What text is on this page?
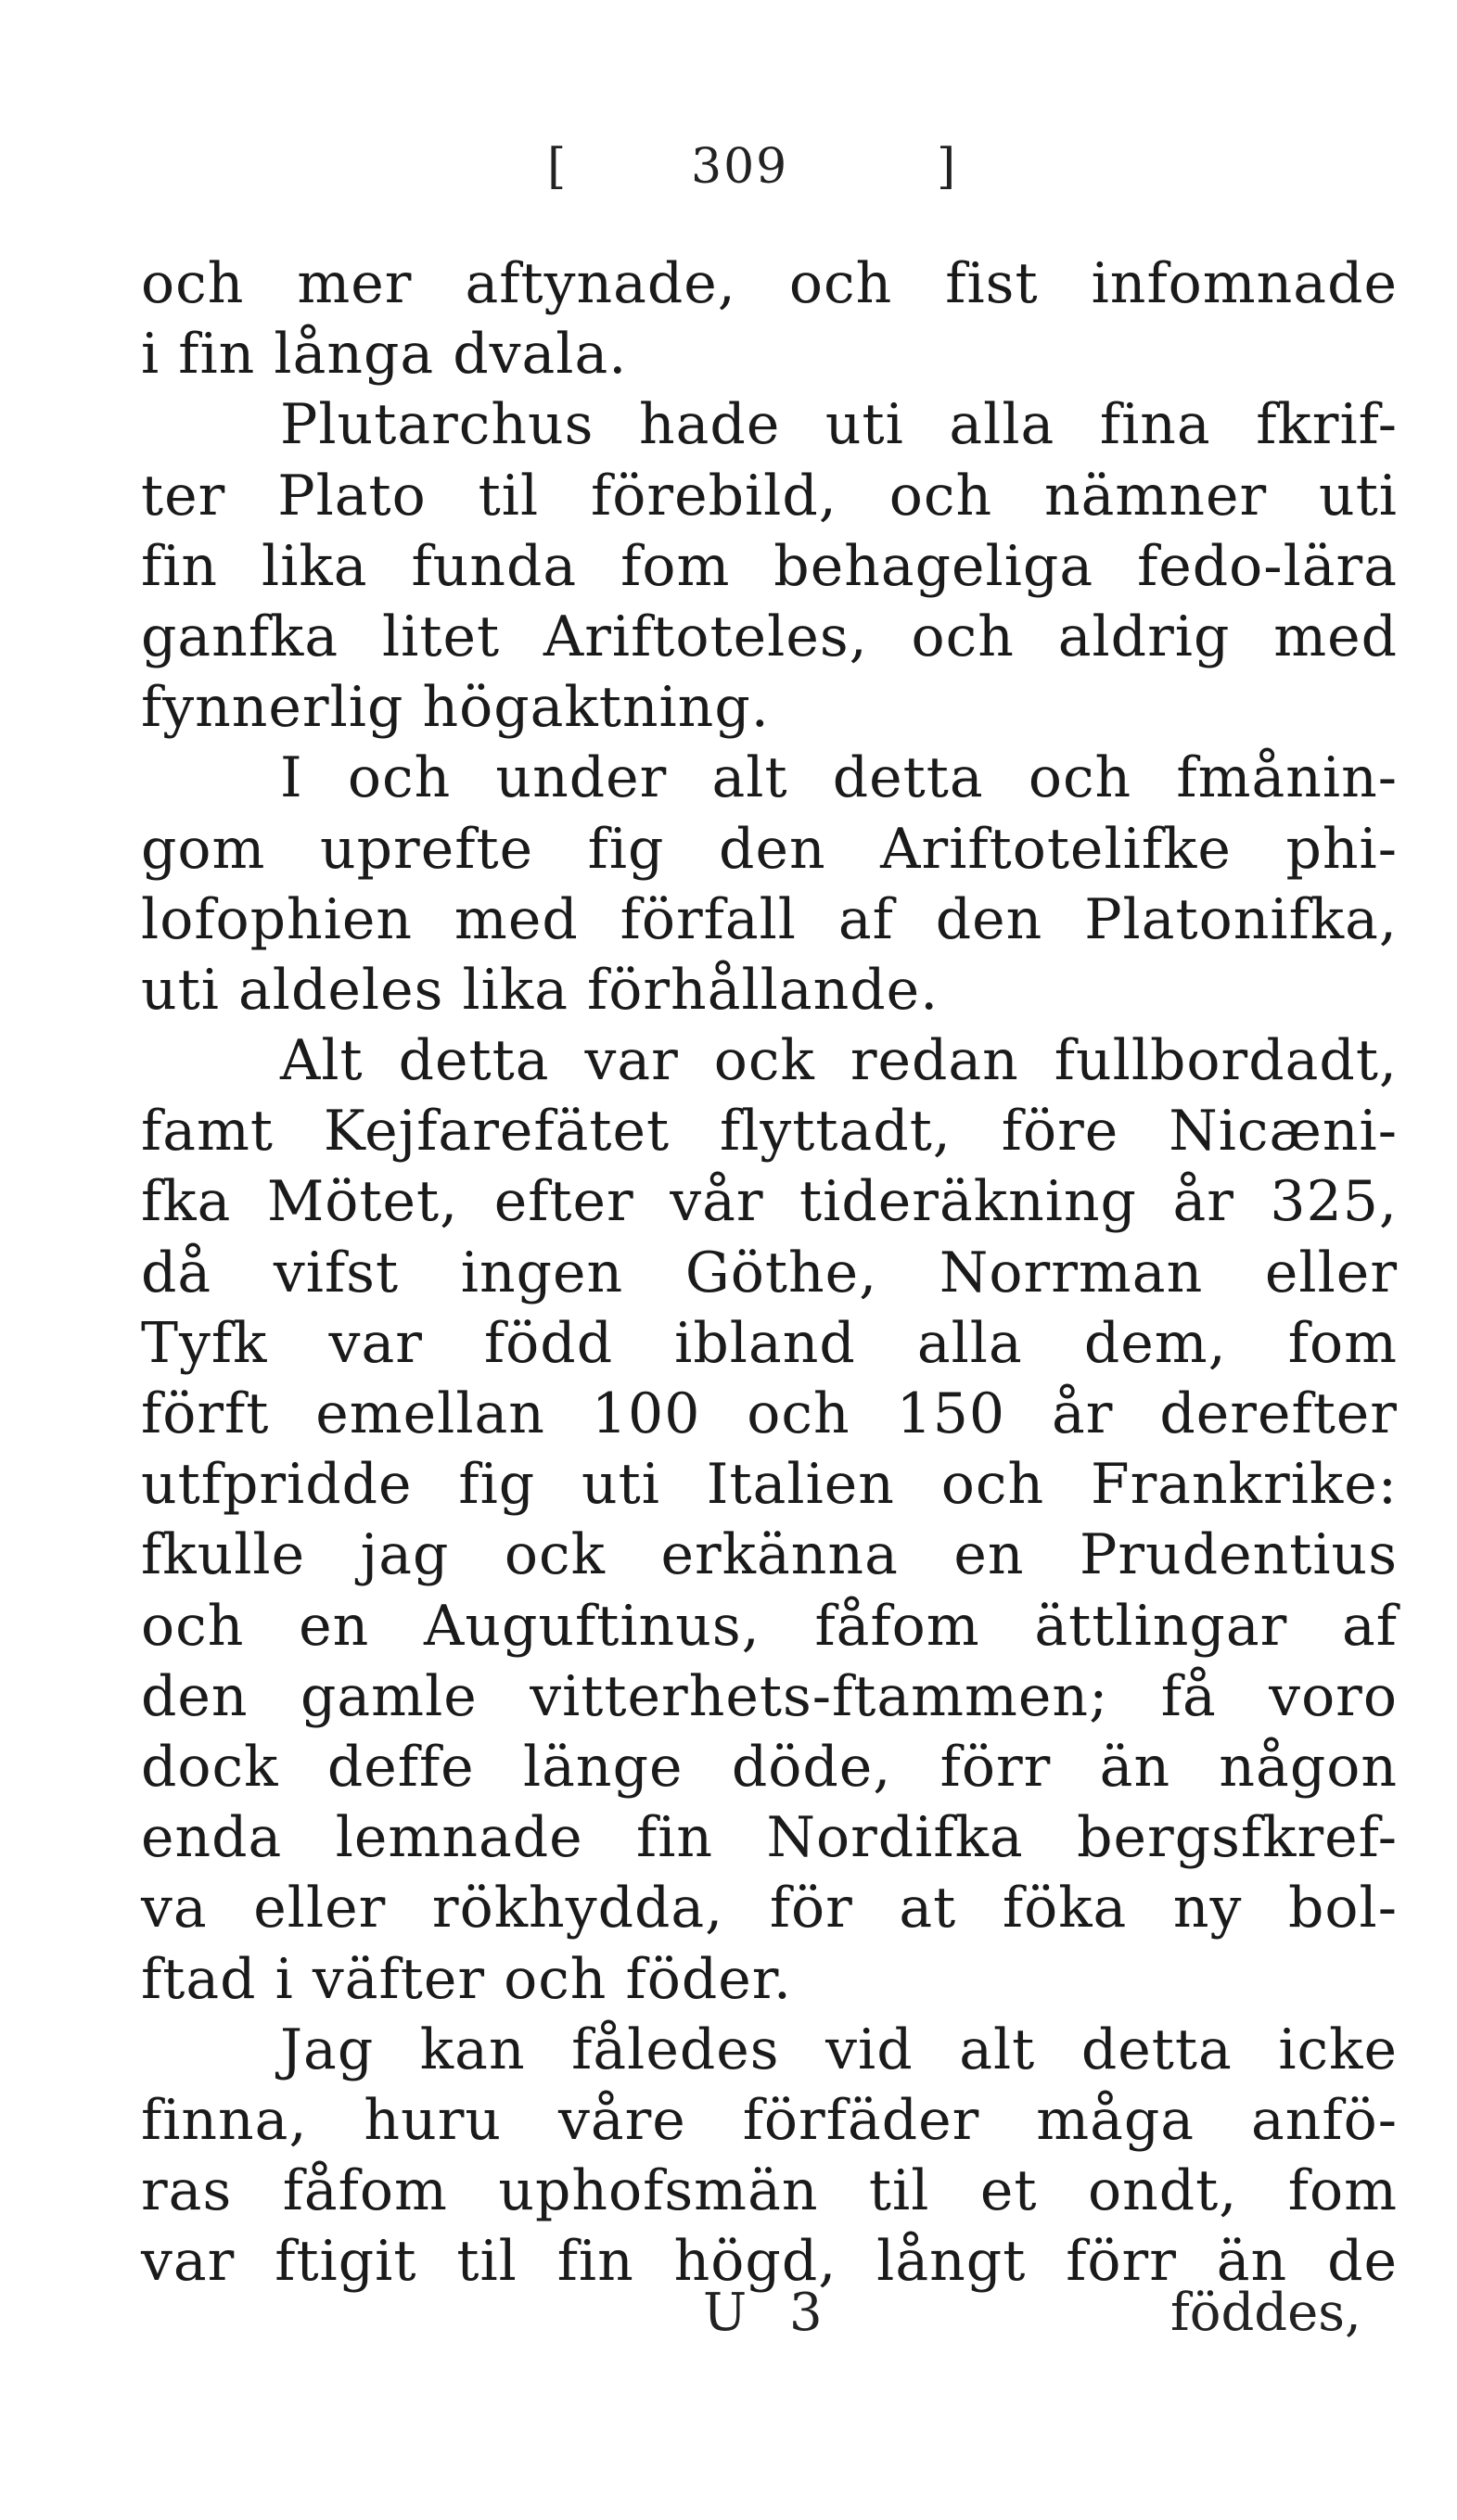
[	309	]
och mer aftynade, och fist infomnade
i fin långa dvala.
Plutarchus hade uti alla fina fkrif-
ter Plato til förebild, och nämner uti
fin lika funda fom behageliga fedo-lära
ganfka litet Ariftoteles, och aldrig med
fynnerlig högaktning.
I och under alt detta och fmånin-
gom uprefte fig den Ariftotelifke phi-
lofophien med förfall af den Platonifka,
uti aldeles lika förhållande.
Alt detta var ock redan fullbordadt,
famt Kejfarefätet flyttadt, före Nicæni-
fka Mötet, efter vår tideräkning år 325,
då vifst ingen Göthe, Norrman eller
Tyfk var född ibland alla dem, fom
förft emellan 100 och 150 år derefter
utfpridde fig uti Italien och Frankrike:
fkulle jag ock erkänna en Prudentius
och en Auguftinus, fåfom ättlingar af
den gamle vitterhets-ftammen; få voro
dock deffe länge döde, förr än någon
enda lemnade fin Nordifka bergsfkref-
va eller rökhydda, för at föka ny bol-
ftad i väfter och föder.
Jag kan fåledes vid alt detta icke
finna, huru våre förfäder måga anfö-
ras fåfom uphofsmän til et ondt, fom
var ftigit til fin högd, långt förr än de
U 3	föddes,
